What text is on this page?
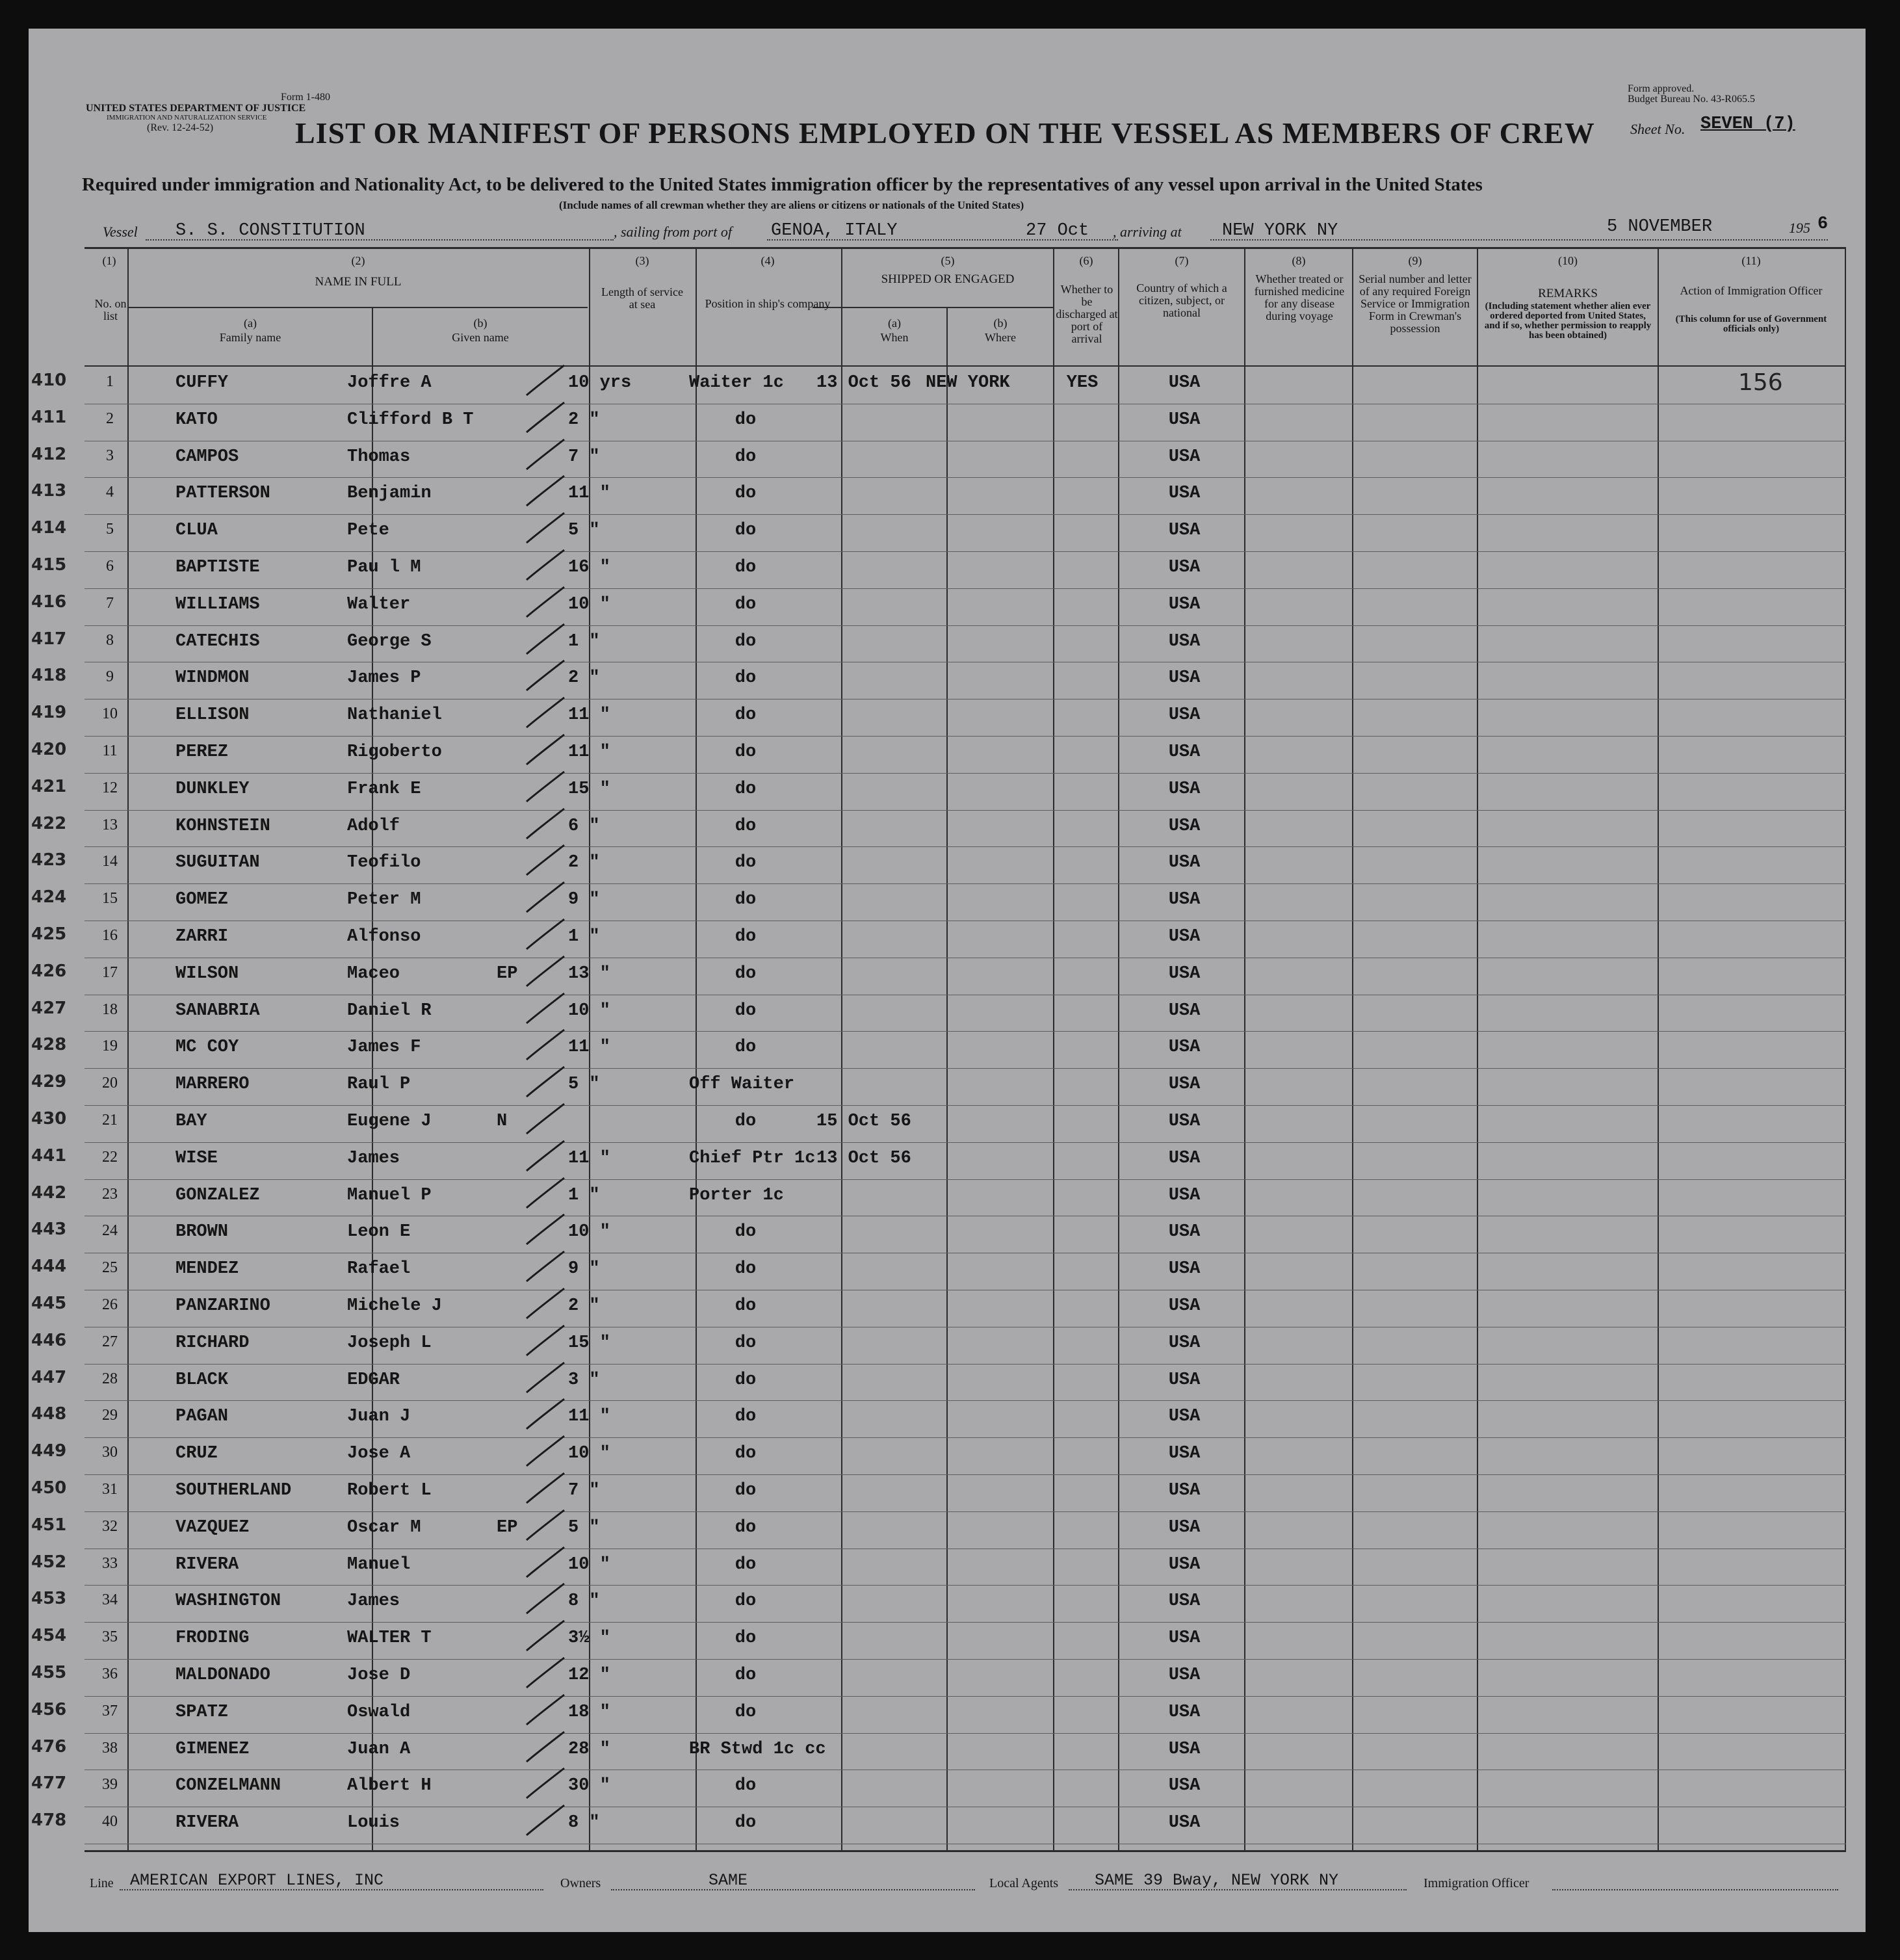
Form 1-480
UNITED STATES DEPARTMENT OF JUSTICE
IMMIGRATION AND NATURALIZATION SERVICE
(Rev. 12-24-52)
Form approved.
Budget Bureau No. 43-R065.5
Sheet No. SEVEN (7)
LIST OR MANIFEST OF PERSONS EMPLOYED ON THE VESSEL AS MEMBERS OF CREW
Required under immigration and Nationality Act, to be delivered to the United States immigration officer by the representatives of any vessel upon arrival in the United States
(Include names of all crewman whether they are aliens or citizens or nationals of the United States)
Vessel S. S. CONSTITUTION	, sailing from port of GENOA, ITALY	27 Oct , arriving at NEW YORK NY	5 NOVEMBER	195 6
(1)
No. on list
(2)
NAME IN FULL
(a)
Family name
(b)
Given name
(3)
Length of service at sea
(4)
Position in ship's company
(5)
SHIPPED OR ENGAGED
(a)
When
(b)
Where
(6)
Whether to be discharged at port of arrival
(7)
Country of which a citizen, subject, or national
(8)
Whether treated or furnished medicine for any disease during voyage
(9)
Serial number and letter of any required Foreign Service or Immigration Form in Crewman's possession
(10)
REMARKS
(Including statement whether alien ever ordered deported from United States, and if so, whether permission to reapply has been obtained)
(11)
Action of Immigration Officer
(This column for use of Government officials only)
156
410	1	CUFFY	Joffre A	10 yrs	Waiter 1c	13 Oct 56 NEW YORK	YES	USA
411	2	KATO	Clifford B T	2 "	do	USA
412	3	CAMPOS	Thomas	7 "	do	USA
413	4	PATTERSON	Benjamin	11 "	do	USA
414	5	CLUA	Pete	5 "	do	USA
415	6	BAPTISTE	Pau l M	16 "	do	USA
416	7	WILLIAMS	Walter	10 "	do	USA
417	8	CATECHIS	George S	1 "	do	USA
418	9	WINDMON	James P	2 "	do	USA
419	10	ELLISON	Nathaniel	11 "	do	USA
420	11	PEREZ	Rigoberto	11 "	do	USA
421	12	DUNKLEY	Frank E	15 "	do	USA
422	13	KOHNSTEIN	Adolf	6 "	do	USA
423	14	SUGUITAN	Teofilo	2 "	do	USA
424	15	GOMEZ	Peter M	9 "	do	USA
425	16	ZARRI	Alfonso	1 "	do	USA
426	17	WILSON	Maceo	EP	13 "	do	USA
427	18	SANABRIA	Daniel R	10 "	do	USA
428	19	MC COY	James F	11 "	do	USA
429	20	MARRERO	Raul P	5 "	Off Waiter	USA
430	21	BAY	Eugene J	N	do	15 Oct 56	USA
441	22	WISE	James	11 "	Chief Ptr 1c 13 Oct 56	USA
442	23	GONZALEZ	Manuel P	1 "	Porter 1c	USA
443	24	BROWN	Leon E	10 "	do	USA
444	25	MENDEZ	Rafael	9 "	do	USA
445	26	PANZARINO	Michele J	2 "	do	USA
446	27	RICHARD	Joseph L	15 "	do	USA
447	28	BLACK	EDGAR	3 "	do	USA
448	29	PAGAN	Juan J	11 "	do	USA
449	30	CRUZ	Jose A	10 "	do	USA
450	31	SOUTHERLAND	Robert L	7 "	do	USA
451	32	VAZQUEZ	Oscar M	EP	5 "	do	USA
452	33	RIVERA	Manuel	10 "	do	USA
453	34	WASHINGTON	James	8 "	do	USA
454	35	FRODING	WALTER T	3½ "	do	USA
455	36	MALDONADO	Jose D	12 "	do	USA
456	37	SPATZ	Oswald	18 "	do	USA
476	38	GIMENEZ	Juan A	28 "	BR Stwd 1c cc	USA
477	39	CONZELMANN	Albert H	30 "	do	USA
478	40	RIVERA	Louis	8 "	do	USA
Line AMERICAN EXPORT LINES, INC	Owners	SAME	Local Agents SAME 39 Bway, NEW YORK NY	Immigration Officer
